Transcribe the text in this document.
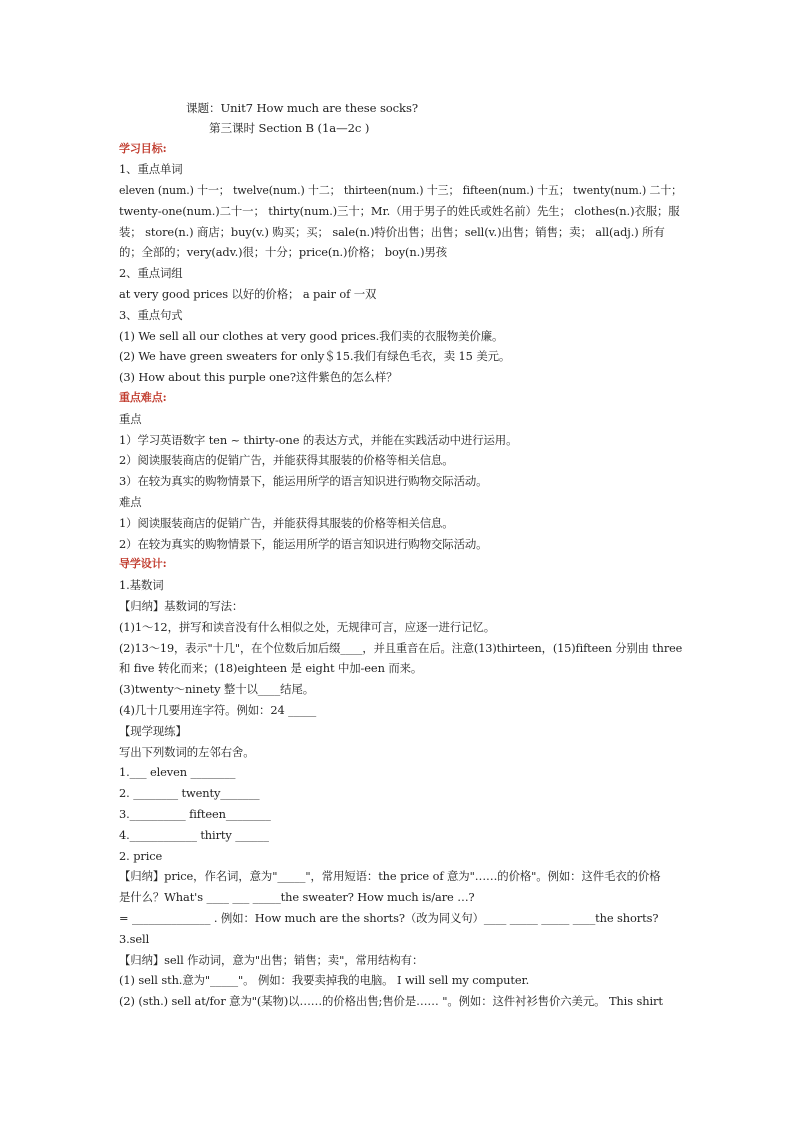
课题：Unit7 How much are these socks?
第三课时 Section B (1a—2c )
学习目标:
1、重点单词
eleven (num.) 十一； twelve(num.) 十二； thirteen(num.) 十三； fifteen(num.) 十五； twenty(num.) 二十；
twenty-one(num.)二十一； thirty(num.)三十；Mr.（用于男子的姓氏或姓名前）先生； clothes(n.)衣服；服
装； store(n.) 商店；buy(v.) 购买；买； sale(n.)特价出售；出售；sell(v.)出售；销售；卖； all(adj.) 所有
的；全部的；very(adv.)很；十分；price(n.)价格； boy(n.)男孩
2、重点词组
at very good prices 以好的价格； a pair of 一双
3、重点句式
(1) We sell all our clothes at very good prices.我们卖的衣服物美价廉。
(2) We have green sweaters for only＄15.我们有绿色毛衣，卖 15 美元。
(3) How about this purple one?这件紫色的怎么样？
重点难点:
重点
1）学习英语数字 ten ~ thirty-one 的表达方式，并能在实践活动中进行运用。
2）阅读服装商店的促销广告，并能获得其服装的价格等相关信息。
3）在较为真实的购物情景下，能运用所学的语言知识进行购物交际活动。
难点
1）阅读服装商店的促销广告，并能获得其服装的价格等相关信息。
2）在较为真实的购物情景下，能运用所学的语言知识进行购物交际活动。
导学设计:
1.基数词
【归纳】基数词的写法：
(1)1～12，拼写和读音没有什么相似之处，无规律可言，应逐一进行记忆。
(2)13～19，表示"十几"，在个位数后加后缀____，并且重音在后。注意(13)thirteen，(15)fifteen 分别由 three
和 five 转化而来；(18)eighteen 是 eight 中加-een 而来。
(3)twenty～ninety 整十以____结尾。
(4)几十几要用连字符。例如：24 _____
【现学现练】
写出下列数词的左邻右舍。
1.___ eleven ________
2. ________ twenty_______
3.__________ fifteen________
4.____________ thirty ______
2. price
【归纳】price，作名词，意为"_____"，常用短语：the price of 意为"……的价格"。例如：这件毛衣的价格
是什么？What's ____ ___ _____the sweater? How much is/are …?
= ______________ . 例如：How much are the shorts?（改为同义句）____ _____ _____ ____the shorts?
3.sell
【归纳】sell 作动词，意为"出售；销售；卖"，常用结构有：
(1) sell sth.意为"_____"。 例如：我要卖掉我的电脑。 I will sell my computer.
(2) (sth.) sell at/for 意为"(某物)以……的价格出售;售价是…… "。例如：这件衬衫售价六美元。 This shirt
